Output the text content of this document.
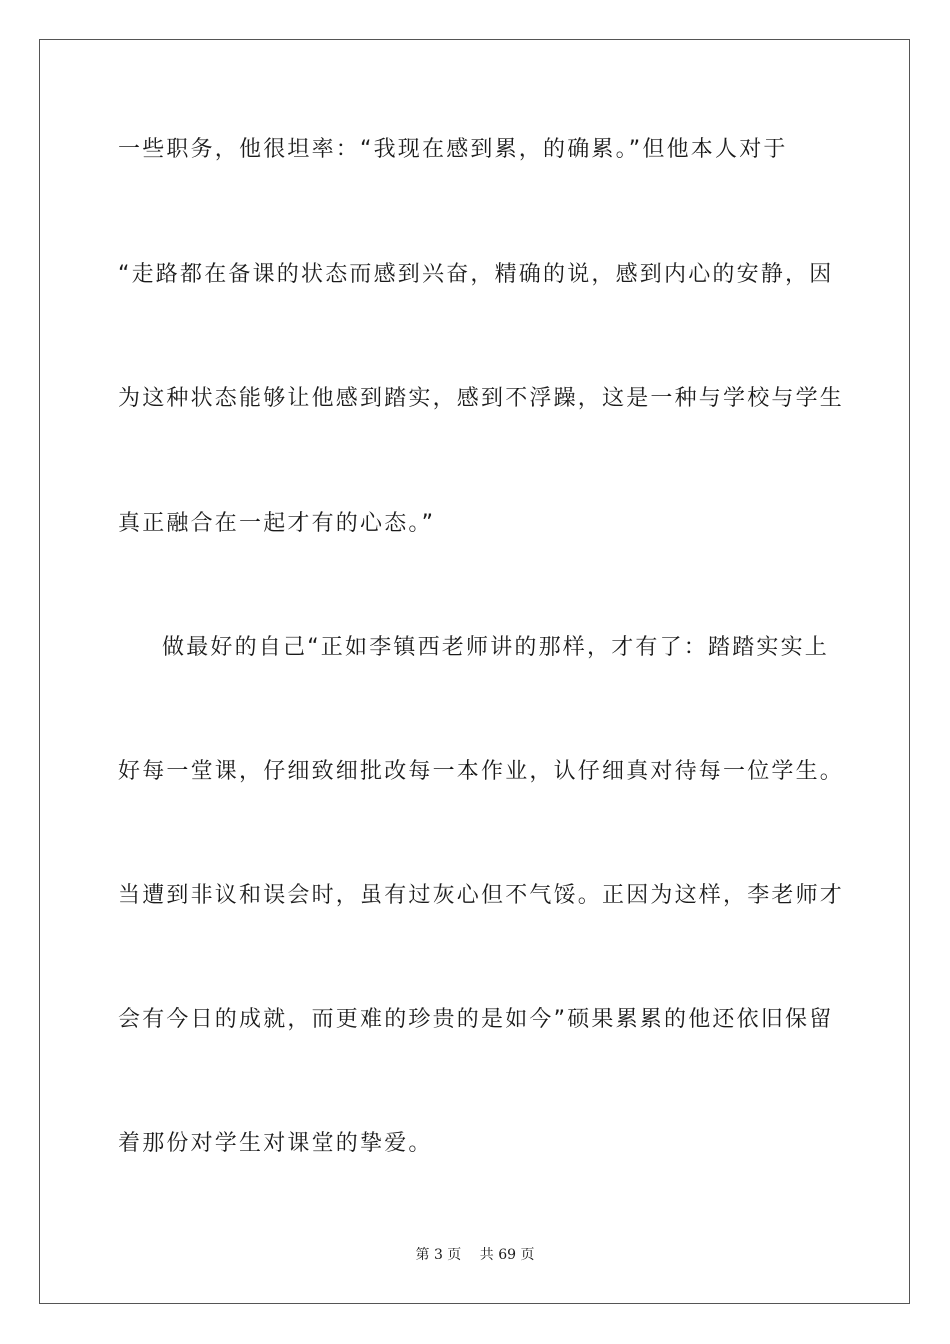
一些职务，他很坦率：“我现在感到累，的确累。”但他本人对于
“走路都在备课的状态而感到兴奋，精确的说，感到内心的安静，因
为这种状态能够让他感到踏实，感到不浮躁，这是一种与学校与学生
真正融合在一起才有的心态。”
做最好的自己“正如李镇西老师讲的那样，才有了：踏踏实实上
好每一堂课，仔细致细批改每一本作业，认仔细真对待每一位学生。
当遭到非议和误会时，虽有过灰心但不气馁。正因为这样，李老师才
会有今日的成就，而更难的珍贵的是如今”硕果累累的他还依旧保留
着那份对学生对课堂的挚爱。
第 3 页　 共 69 页
